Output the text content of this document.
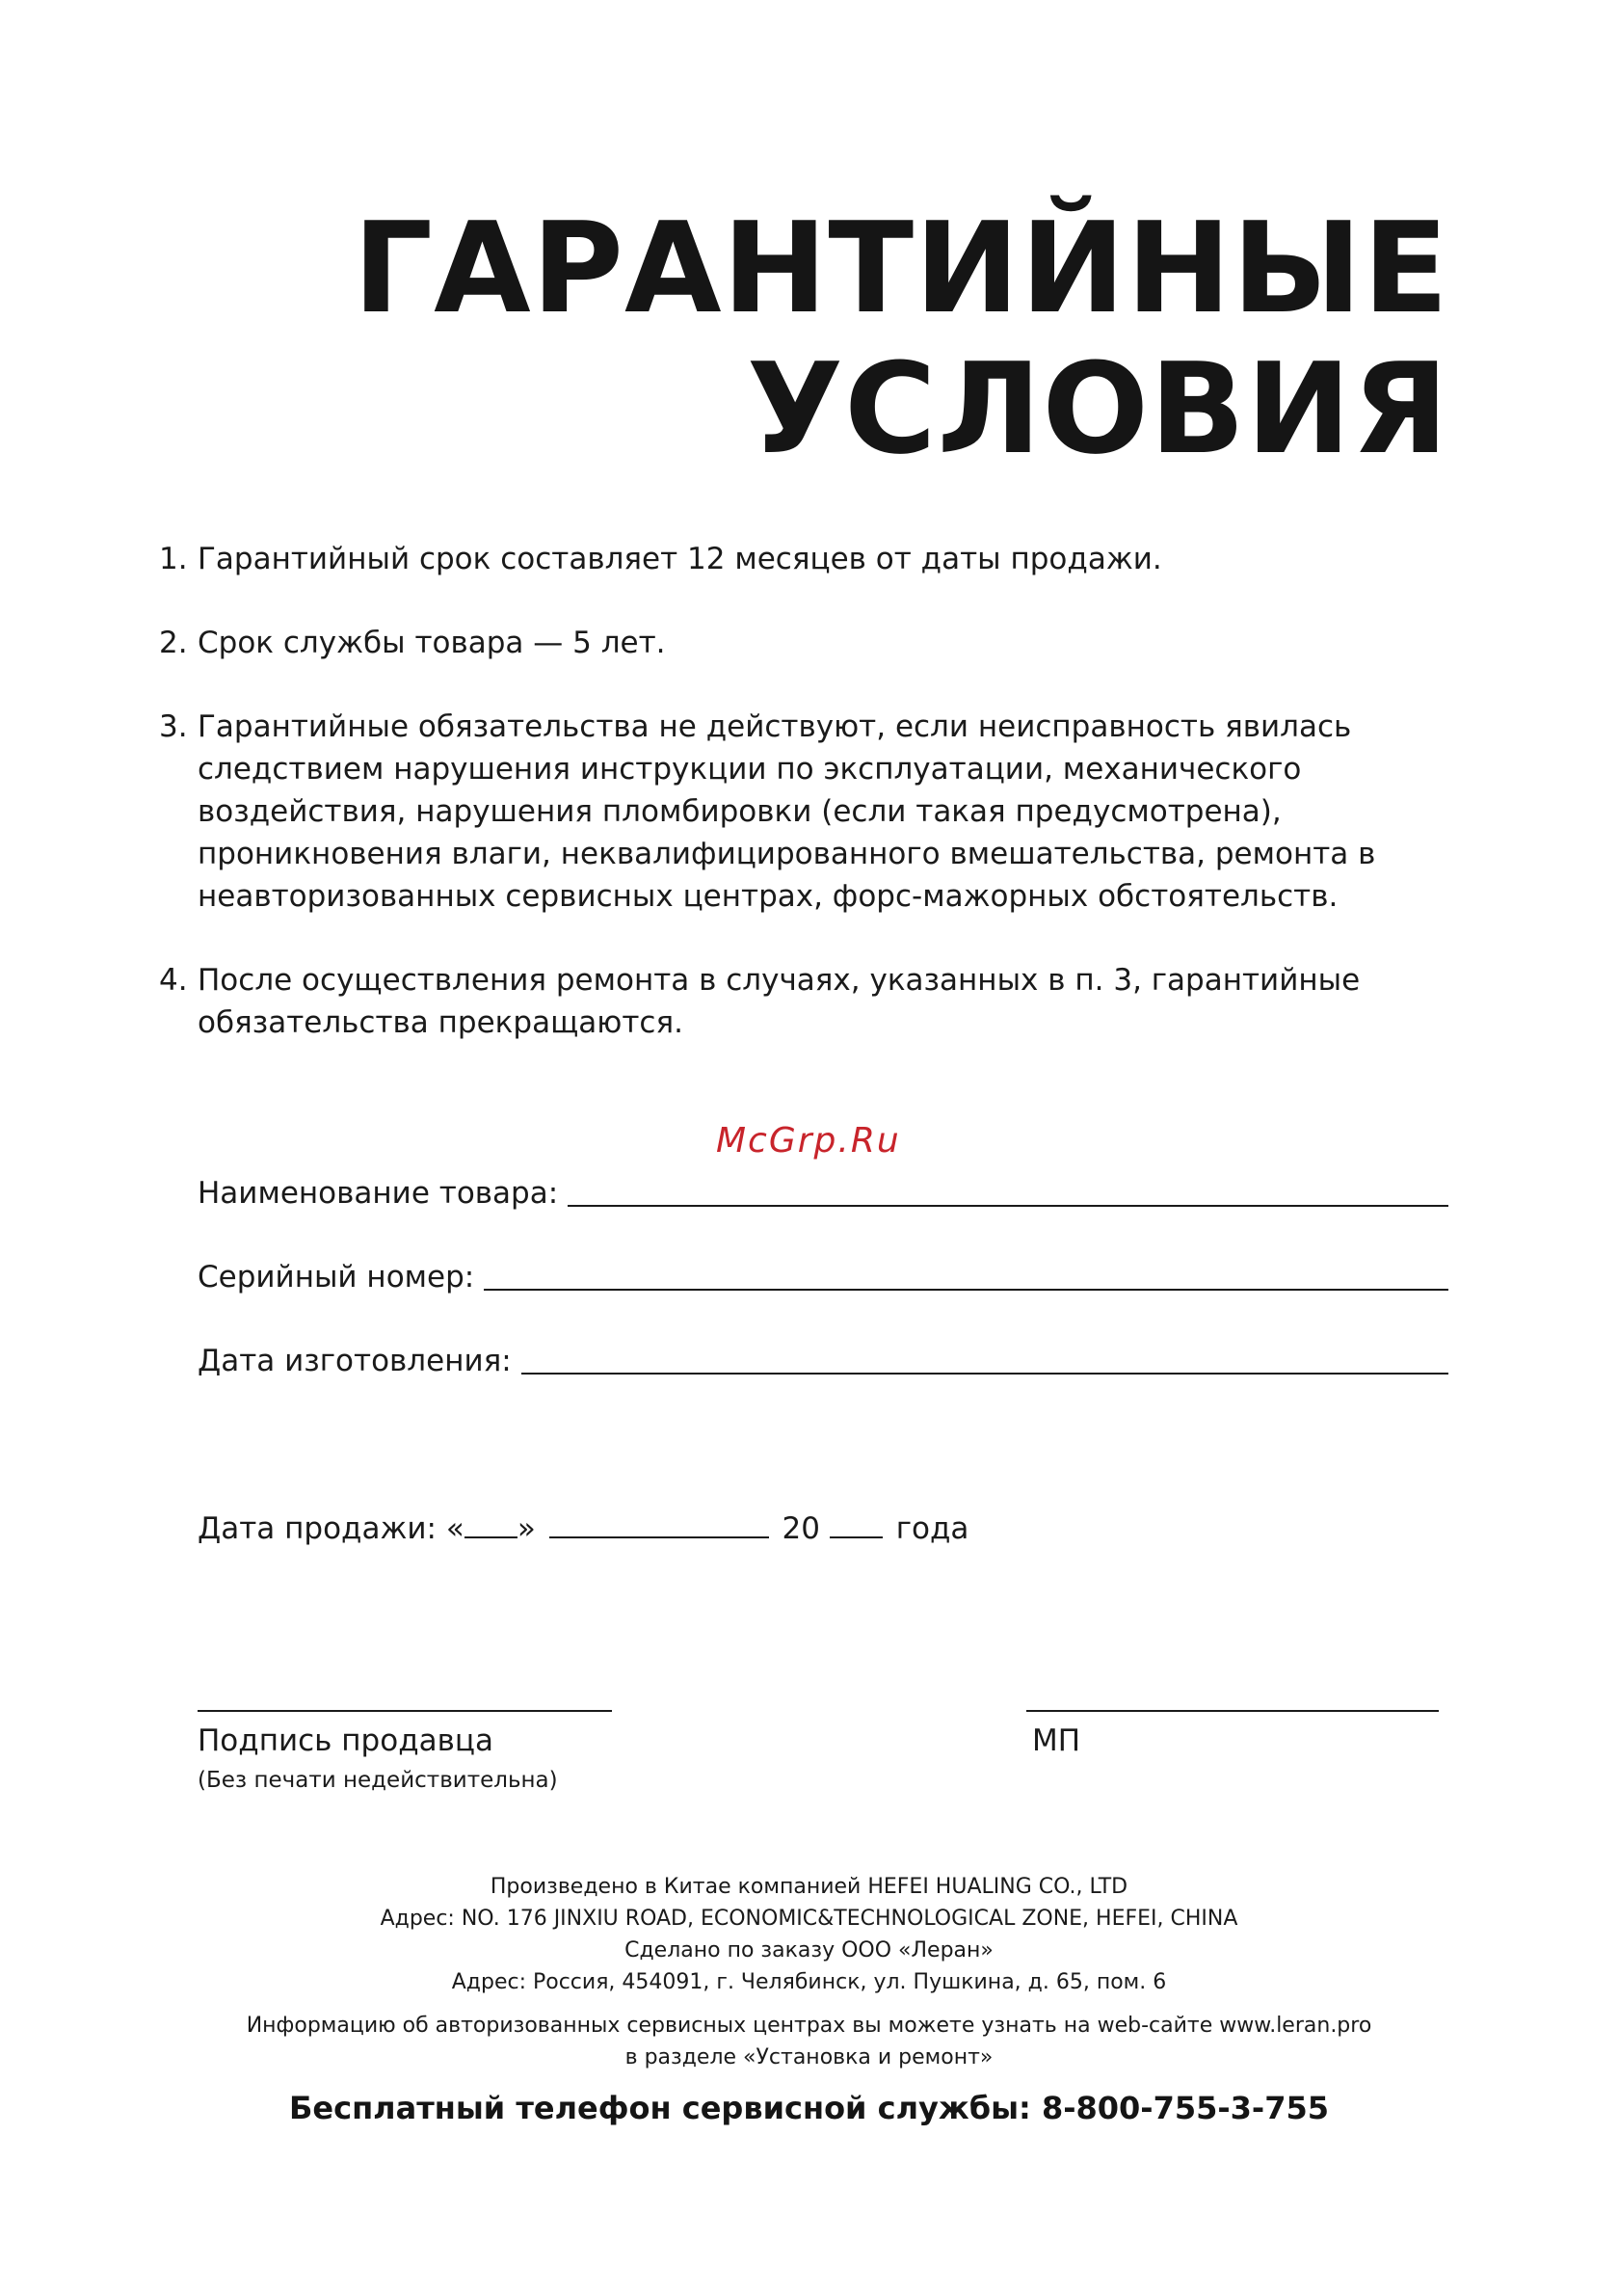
ГАРАНТИЙНЫЕ
УСЛОВИЯ
1. Гарантийный срок составляет 12 месяцев от даты продажи.
2. Срок службы товара — 5 лет.
3. Гарантийные обязательства не действуют, если неисправность явилась следствием нарушения инструкции по эксплуатации, механического воздействия, нарушения пломбировки (если такая предусмотрена), проникновения влаги, неквалифицированного вмешательства, ремонта в неавторизованных сервисных центрах, форс-мажорных обстоятельств.
4. После осуществления ремонта в случаях, указанных в п. 3, гарантийные обязательства прекращаются.
McGrp.Ru
Наименование товара:
Серийный номер:
Дата изготовления:
Дата продажи: « »	20	года
Подпись продавца
(Без печати недействительна)
МП
Произведено в Китае компанией HEFEI HUALING CO., LTD
Адрес: NO. 176 JINXIU ROAD, ECONOMIC&TECHNOLOGICAL ZONE, HEFEI, CHINA
Сделано по заказу ООО «Леран»
Адрес: Россия, 454091, г. Челябинск, ул. Пушкина, д. 65, пом. 6
Информацию об авторизованных сервисных центрах вы можете узнать на web-сайте www.leran.pro
в разделе «Установка и ремонт»
Бесплатный телефон сервисной службы: 8-800-755-3-755
